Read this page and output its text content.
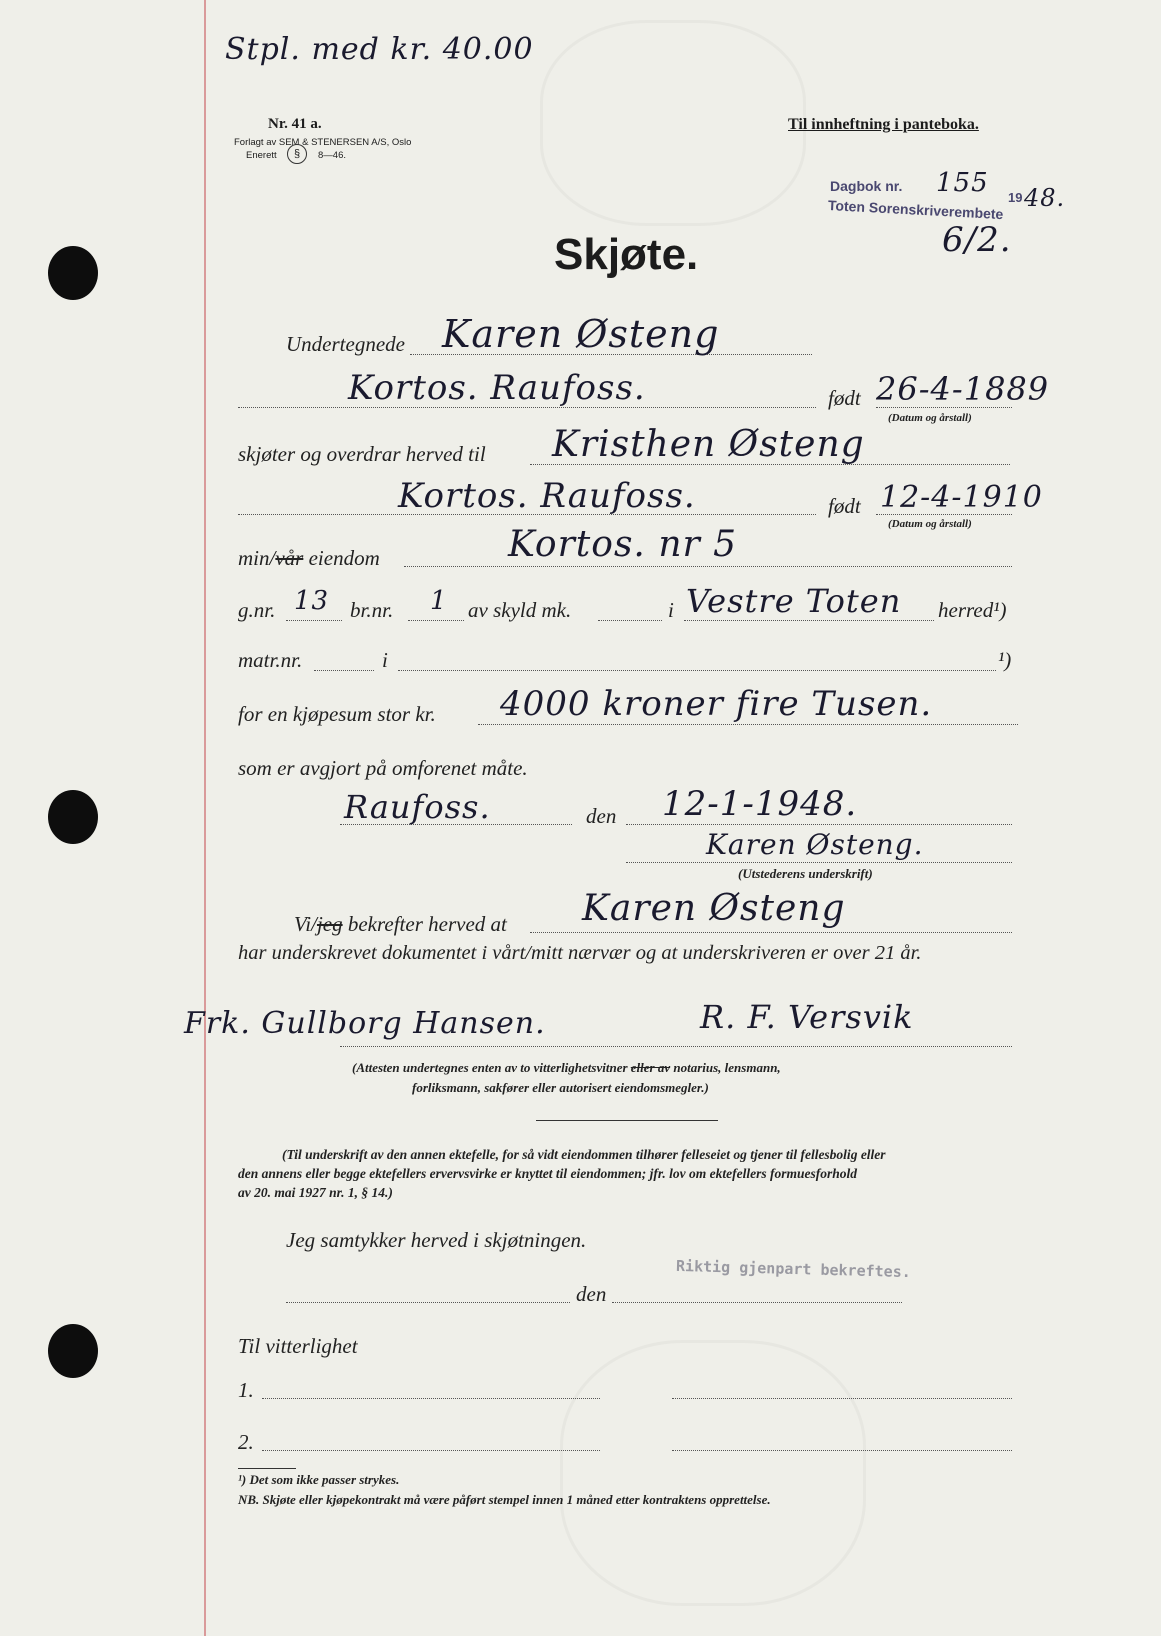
Stpl. med kr. 40.00
Nr. 41 a.
Forlagt av SEM & STENERSEN A/S, Oslo
Enerett	§	8—46.
Til innheftning i panteboka.
Dagbok nr. 155 19 48.
Toten Sorenskriverembete
6/2.
Skjøte.
Undertegnede Karen Østeng
Kortos. Raufoss.	født 26-4-1889
(Datum og årstall)
skjøter og overdrar herved til Kristhen Østeng
Kortos. Raufoss.	født 12-4-1910
(Datum og årstall)
min/vår eiendom	Kortos. nr 5
g.nr. 13 br.nr. 1 av skyld mk.	i Vestre Toten herred¹)
matr.nr.	i	¹)
for en kjøpesum stor kr. 4000 kroner fire Tusen.
som er avgjort på omforenet måte.
Raufoss.	den 12-1-1948.
Karen Østeng.
(Utstederens underskrift)
Vi/jeg bekrefter herved at Karen Østeng
har underskrevet dokumentet i vårt/mitt nærvær og at underskriveren er over 21 år.
Frk. Gullborg Hansen.	R. F. Versvik
(Attesten undertegnes enten av to vitterlighetsvitner eller av notarius, lensmann,
forliksmann, sakfører eller autorisert eiendomsmegler.)
(Til underskrift av den annen ektefelle, for så vidt eiendommen tilhører felleseiet og tjener til fellesbolig eller
den annens eller begge ektefellers ervervsvirke er knyttet til eiendommen; jfr. lov om ektefellers formuesforhold
av 20. mai 1927 nr. 1, § 14.)
Jeg samtykker herved i skjøtningen.
Riktig gjenpart bekreftes.
den
Til vitterlighet
1.
2.
¹) Det som ikke passer strykes.
NB. Skjøte eller kjøpekontrakt må være påført stempel innen 1 måned etter kontraktens opprettelse.
